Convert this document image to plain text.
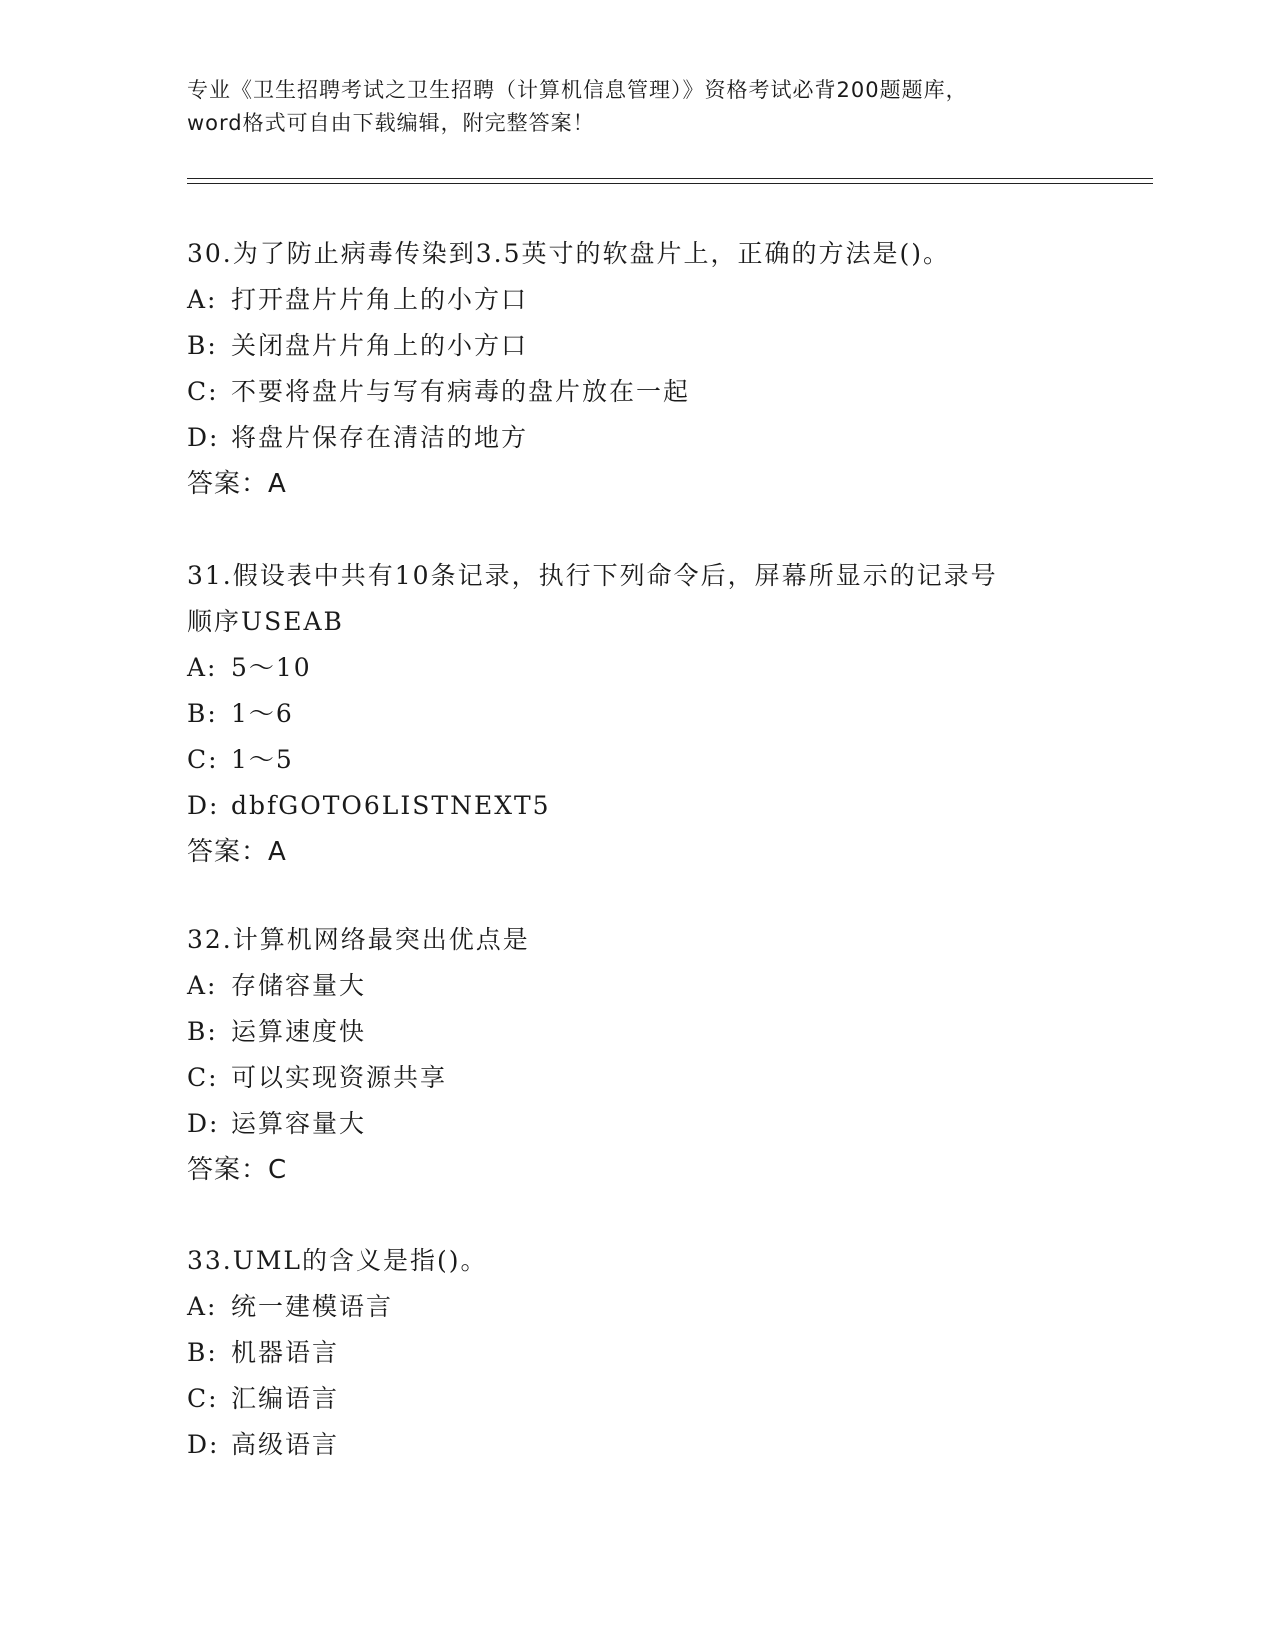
专业《卫生招聘考试之卫生招聘（计算机信息管理）》资格考试必背200题题库，
word格式可自由下载编辑，附完整答案！
30.为了防止病毒传染到3.5英寸的软盘片上，正确的方法是()。
A: 打开盘片片角上的小方口
B: 关闭盘片片角上的小方口
C: 不要将盘片与写有病毒的盘片放在一起
D: 将盘片保存在清洁的地方
答案：A
31.假设表中共有10条记录，执行下列命令后，屏幕所显示的记录号
顺序USEAB
A: 5～10
B: 1～6
C: 1～5
D: dbfGOTO6LISTNEXT5
答案：A
32.计算机网络最突出优点是
A: 存储容量大
B: 运算速度快
C: 可以实现资源共享
D: 运算容量大
答案：C
33.UML的含义是指()。
A: 统一建模语言
B: 机器语言
C: 汇编语言
D: 高级语言
